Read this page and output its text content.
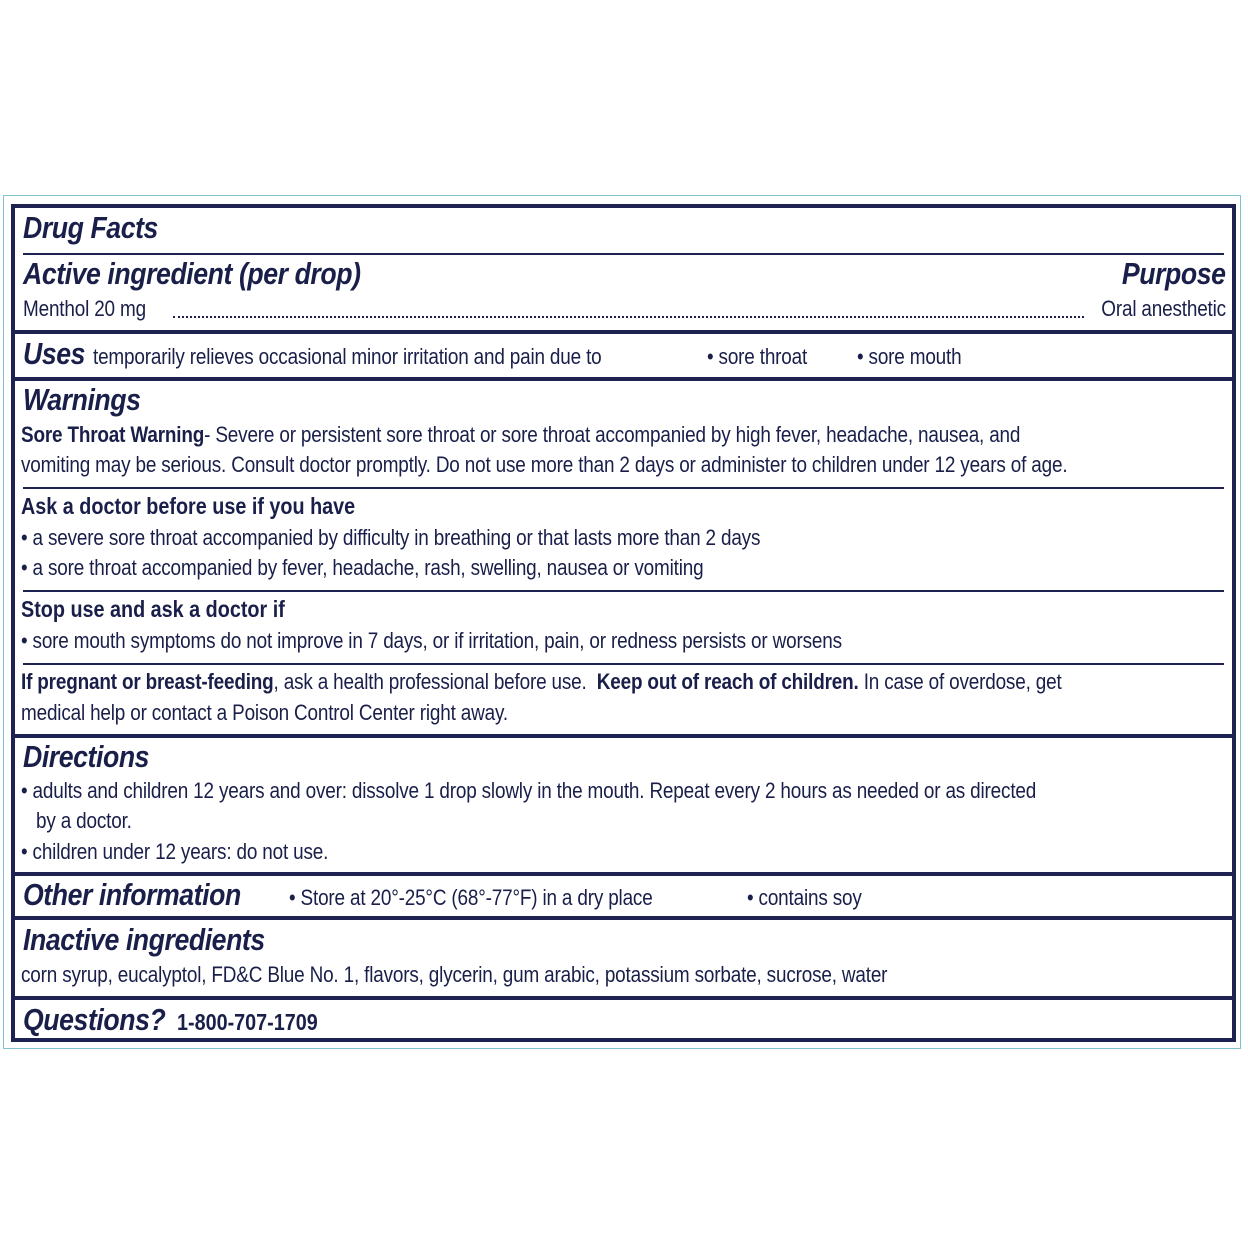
Drug Facts
Active ingredient (per drop)	Purpose
Menthol 20 mg	Oral anesthetic
Uses temporarily relieves occasional minor irritation and pain due to	• sore throat	• sore mouth
Warnings
Sore Throat Warning- Severe or persistent sore throat or sore throat accompanied by high fever, headache, nausea, and
vomiting may be serious. Consult doctor promptly. Do not use more than 2 days or administer to children under 12 years of age.
Ask a doctor before use if you have
• a severe sore throat accompanied by difficulty in breathing or that lasts more than 2 days
• a sore throat accompanied by fever, headache, rash, swelling, nausea or vomiting
Stop use and ask a doctor if
• sore mouth symptoms do not improve in 7 days, or if irritation, pain, or redness persists or worsens
If pregnant or breast-feeding, ask a health professional before use. Keep out of reach of children. In case of overdose, get
medical help or contact a Poison Control Center right away.
Directions
• adults and children 12 years and over: dissolve 1 drop slowly in the mouth. Repeat every 2 hours as needed or as directed
by a doctor.
• children under 12 years: do not use.
Other information	• Store at 20°-25°C (68°-77°F) in a dry place	• contains soy
Inactive ingredients
corn syrup, eucalyptol, FD&C Blue No. 1, flavors, glycerin, gum arabic, potassium sorbate, sucrose, water
Questions? 1-800-707-1709
